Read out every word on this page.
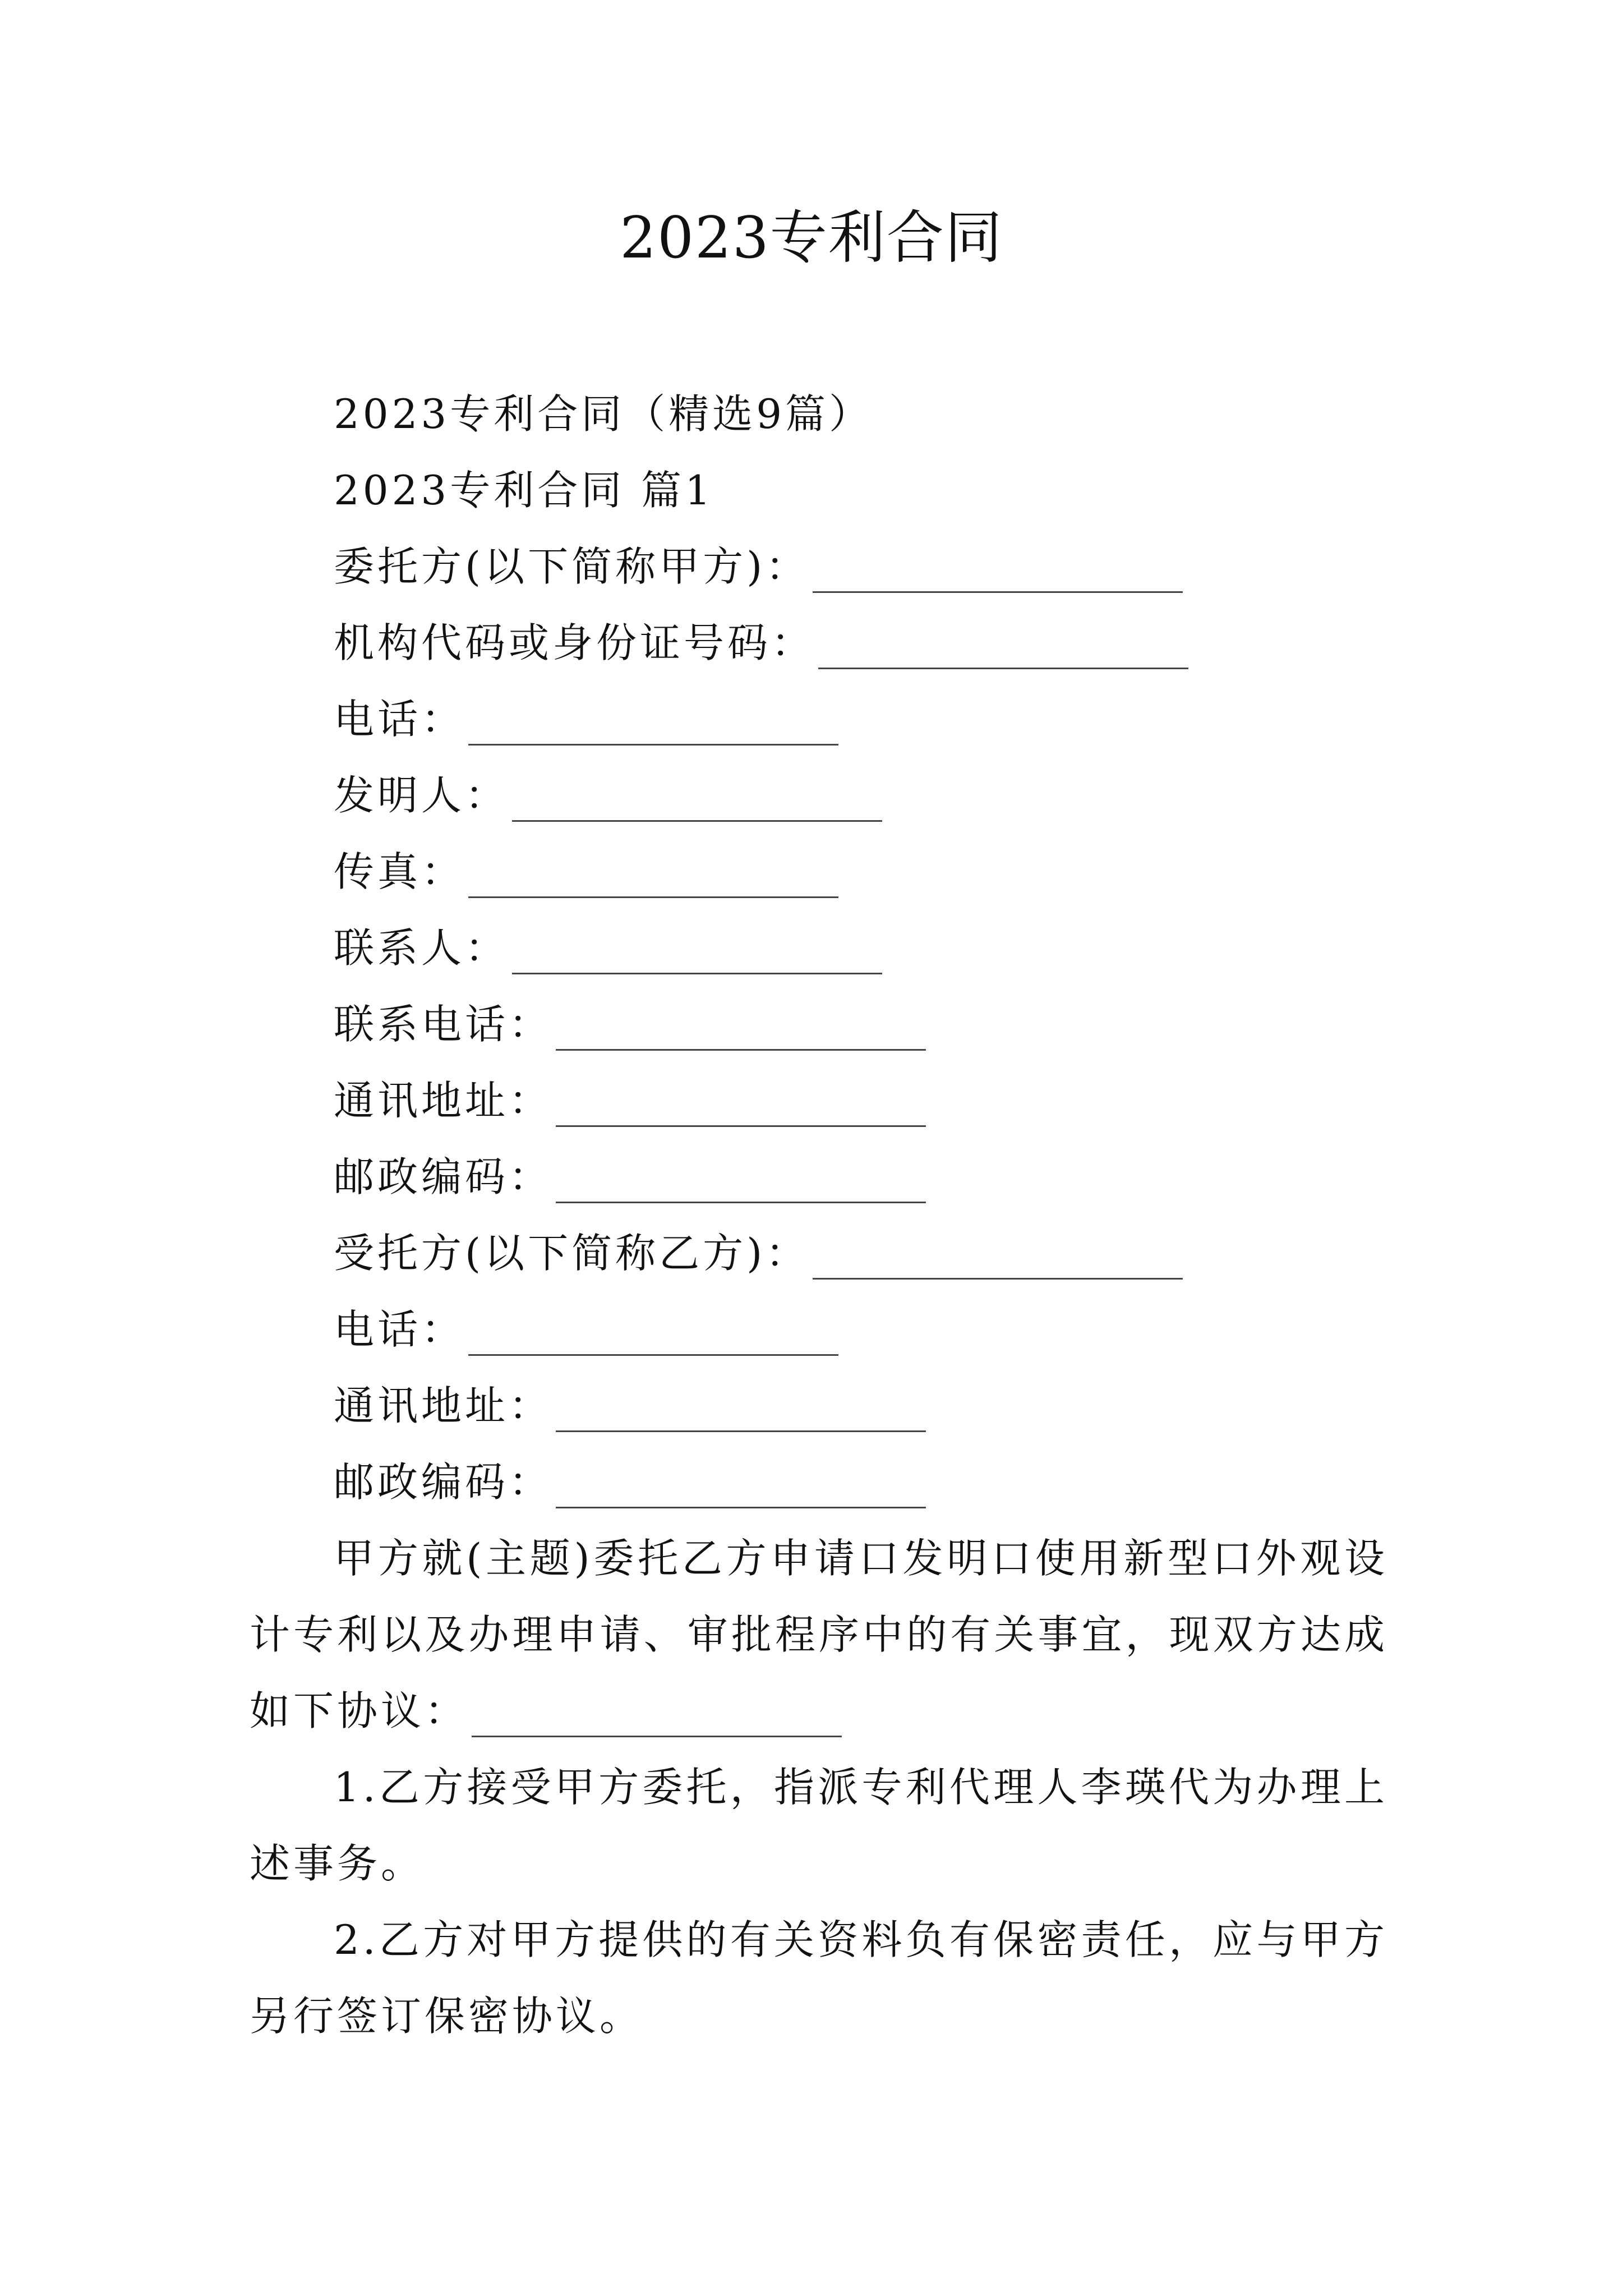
2023专利合同
2023专利合同（精选9篇）
2023专利合同 篇1
委托方(以下简称甲方)：
机构代码或身份证号码：
电话：
发明人：
传真：
联系人：
联系电话：
通讯地址：
邮政编码：
受托方(以下简称乙方)：
电话：
通讯地址：
邮政编码：
甲方就(主题)委托乙方申请口发明口使用新型口外观设计专利以及办理申请、审批程序中的有关事宜，现双方达成如下协议：
1.乙方接受甲方委托，指派专利代理人李瑛代为办理上述事务。
2.乙方对甲方提供的有关资料负有保密责任，应与甲方另行签订保密协议。
